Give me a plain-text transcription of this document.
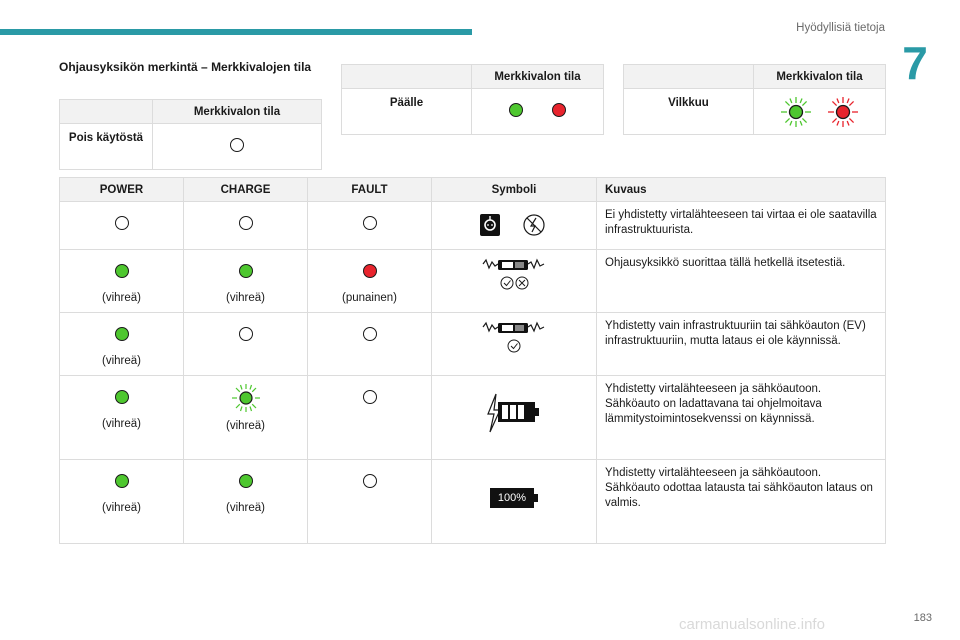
Hyödyllisiä tietoja
7
Ohjausyksikön merkintä – Merkkivalojen tila
	Merkkivalon tila
Pois käytöstä	
	Merkkivalon tila
Päälle	
	Merkkivalon tila
Vilkkuu	
POWER	CHARGE	FAULT	Symboli	Kuvaus
				Ei yhdistetty virtalähteeseen tai virtaa ei ole saatavilla infrastruktuurista.

(vihreä)	(vihreä)	(punainen)		Ohjausyksikkö suorittaa tällä hetkellä itsetestiä.

(vihreä)				Yhdistetty vain infrastruktuuriin tai sähköauton (EV) infrastruktuuriin, mutta lataus ei ole käynnissä.

(vihreä)	(vihreä)			Yhdistetty virtalähteeseen ja sähköautoon. Sähköauto on ladattavana tai ohjelmoitava lämmitystoimintosekvenssi on käynnissä.

(vihreä)	(vihreä)		100%	Yhdistetty virtalähteeseen ja sähköautoon. Sähköauto odottaa latausta tai sähköauton lataus on valmis.
183
carmanualsonline.info
